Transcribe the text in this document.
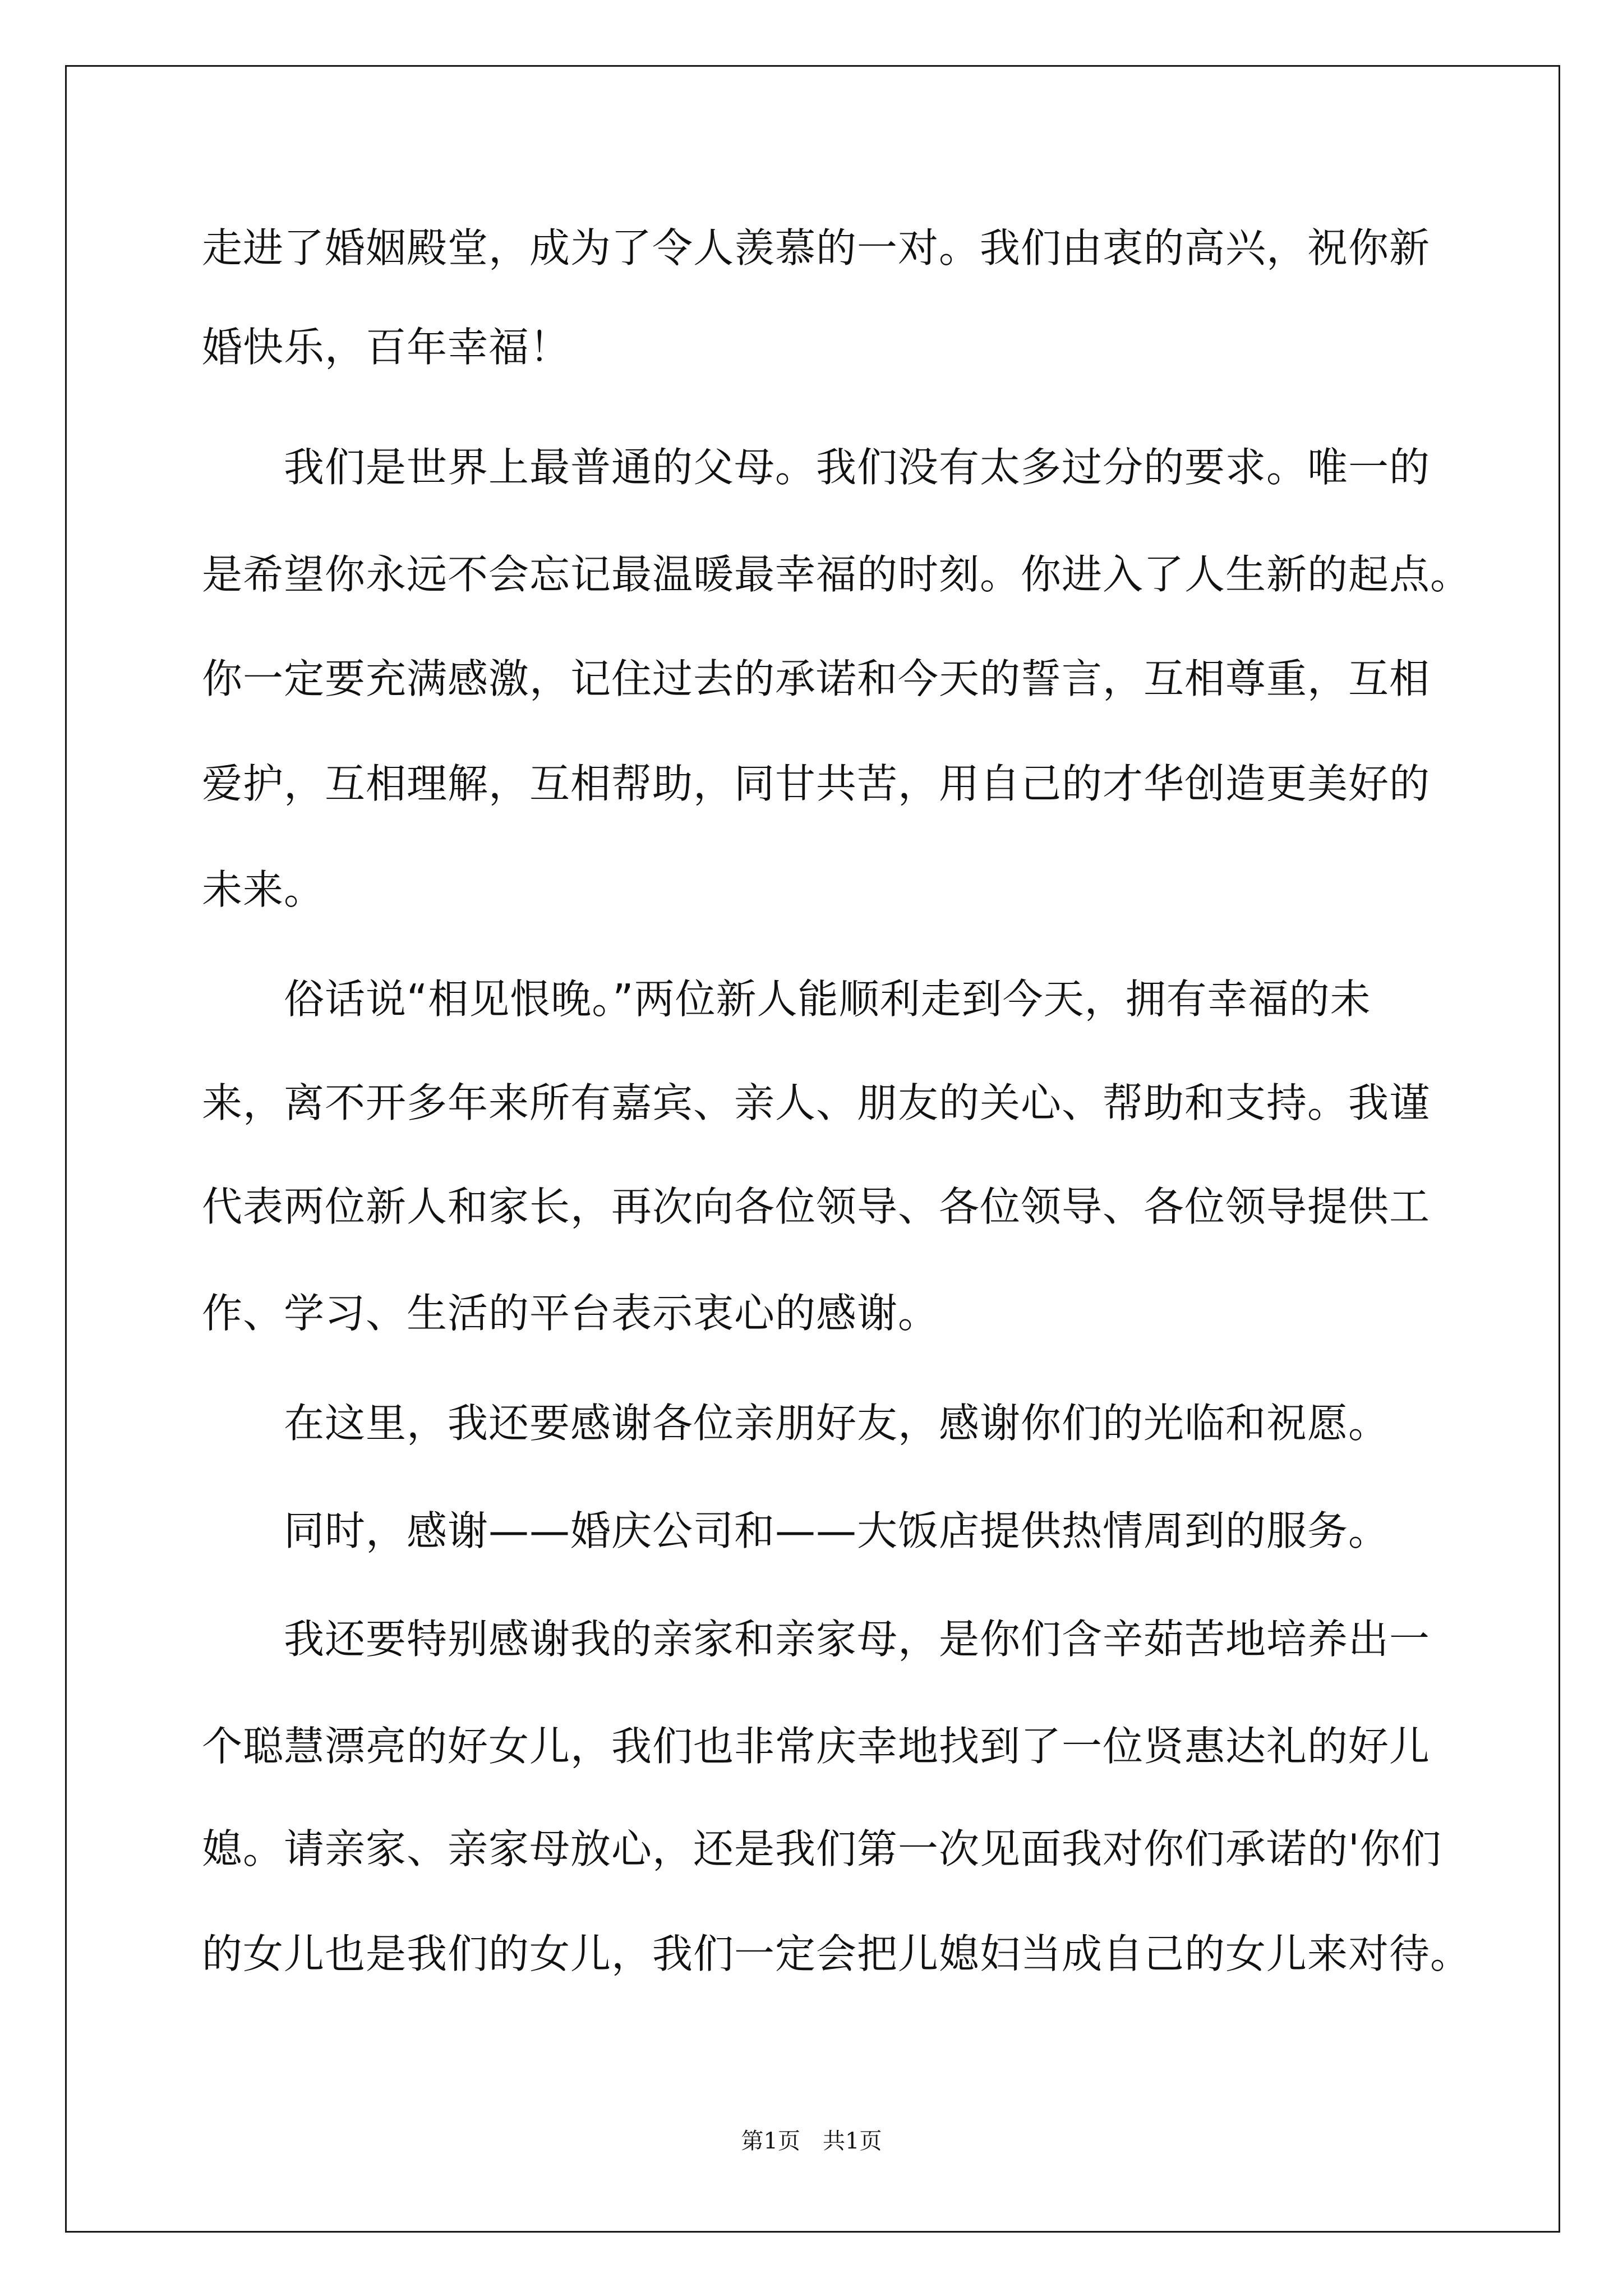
走进了婚姻殿堂，成为了令人羡慕的一对。我们由衷的高兴，祝你新
婚快乐，百年幸福！
我们是世界上最普通的父母。我们没有太多过分的要求。唯一的
是希望你永远不会忘记最温暖最幸福的时刻。你进入了人生新的起点。
你一定要充满感激，记住过去的承诺和今天的誓言，互相尊重，互相
爱护，互相理解，互相帮助，同甘共苦，用自己的才华创造更美好的
未来。
俗话说“相见恨晚。”两位新人能顺利走到今天，拥有幸福的未
来，离不开多年来所有嘉宾、亲人、朋友的关心、帮助和支持。我谨
代表两位新人和家长，再次向各位领导、各位领导、各位领导提供工
作、学习、生活的平台表示衷心的感谢。
在这里，我还要感谢各位亲朋好友，感谢你们的光临和祝愿。
同时，感谢——婚庆公司和——大饭店提供热情周到的服务。
我还要特别感谢我的亲家和亲家母，是你们含辛茹苦地培养出一
个聪慧漂亮的好女儿，我们也非常庆幸地找到了一位贤惠达礼的好儿
媳。请亲家、亲家母放心，还是我们第一次见面我对你们承诺的'你们
的女儿也是我们的女儿，我们一定会把儿媳妇当成自己的女儿来对待。
第1页　共1页
